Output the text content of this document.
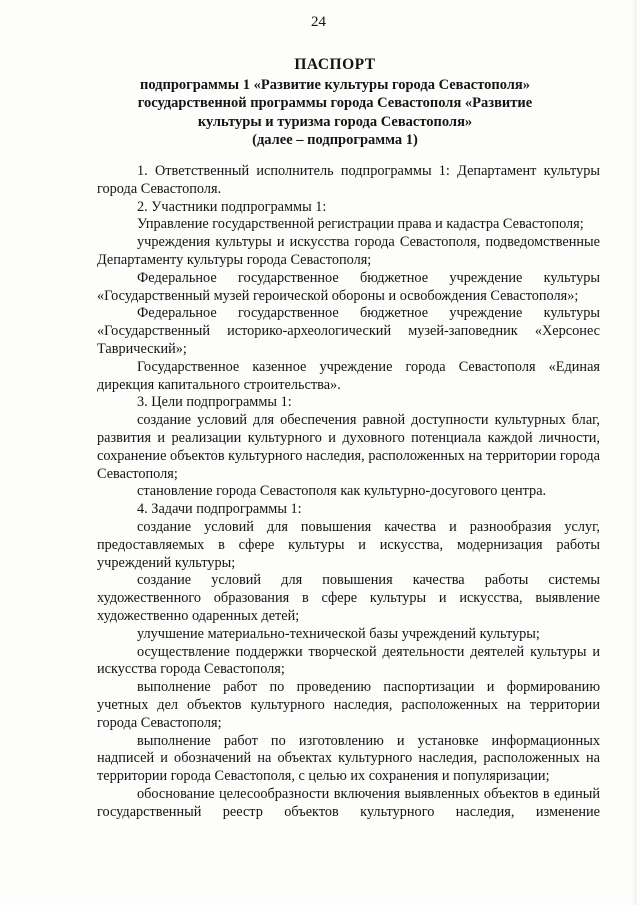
24
ПАСПОРТ
подпрограммы 1 «Развитие культуры города Севастополя»
государственной программы города Севастополя «Развитие
культуры и туризма города Севастополя»
(далее – подпрограмма 1)

1. Ответственный исполнитель подпрограммы 1: Департамент культуры города Севастополя.

2. Участники подпрограммы 1:

Управление государственной регистрации права и кадастра Севастополя;

учреждения культуры и искусства города Севастополя, подведомственные Департаменту культуры города Севастополя;

Федеральное государственное бюджетное учреждение культуры «Государственный музей героической обороны и освобождения Севастополя»;

Федеральное государственное бюджетное учреждение культуры «Государственный историко-археологический музей-заповедник «Херсонес Таврический»;

Государственное казенное учреждение города Севастополя «Единая дирекция капитального строительства».

3. Цели подпрограммы 1:

создание условий для обеспечения равной доступности культурных благ, развития и реализации культурного и духовного потенциала каждой личности, сохранение объектов культурного наследия, расположенных на территории города Севастополя;

становление города Севастополя как культурно-досугового центра.

4. Задачи подпрограммы 1:

создание условий для повышения качества и разнообразия услуг, предоставляемых в сфере культуры и искусства, модернизация работы учреждений культуры;

создание условий для повышения качества работы системы художественного образования в сфере культуры и искусства, выявление художественно одаренных детей;

улучшение материально-технической базы учреждений культуры;

осуществление поддержки творческой деятельности деятелей культуры и искусства города Севастополя;

выполнение работ по проведению паспортизации и формированию учетных дел объектов культурного наследия, расположенных на территории города Севастополя;

выполнение работ по изготовлению и установке информационных надписей и обозначений на объектах культурного наследия, расположенных на территории города Севастополя, с целью их сохранения и популяризации;

обоснование целесообразности включения выявленных объектов в единый государственный реестр объектов культурного наследия, изменение
